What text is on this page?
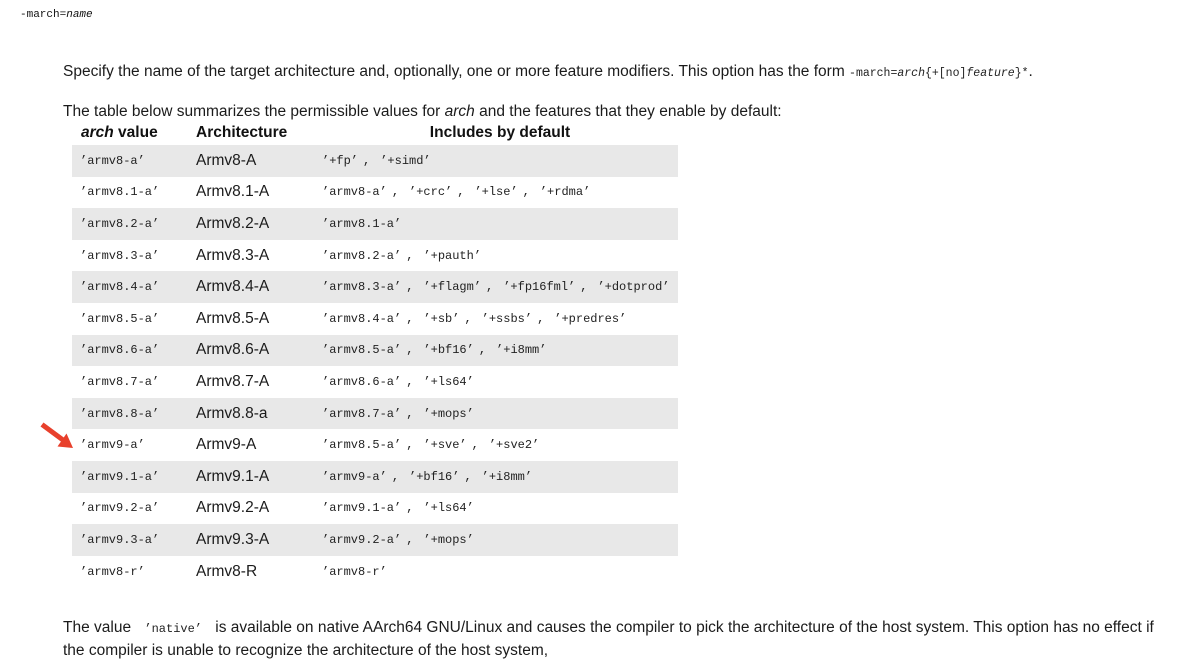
-march=name

Specify the name of the target architecture and, optionally, one or more feature modifiers. This option has the form -march=arch{+[no]feature}*.

The table below summarizes the permissible values for arch and the features that they enable by default:

arch value	Architecture	Includes by default
’armv8-a’	Armv8-A	’+fp’ , ’+simd’
’armv8.1-a’	Armv8.1-A	’armv8-a’ , ’+crc’ , ’+lse’ , ’+rdma’
’armv8.2-a’	Armv8.2-A	’armv8.1-a’
’armv8.3-a’	Armv8.3-A	’armv8.2-a’ , ’+pauth’
’armv8.4-a’	Armv8.4-A	’armv8.3-a’ , ’+flagm’ , ’+fp16fml’ , ’+dotprod’
’armv8.5-a’	Armv8.5-A	’armv8.4-a’ , ’+sb’ , ’+ssbs’ , ’+predres’
’armv8.6-a’	Armv8.6-A	’armv8.5-a’ , ’+bf16’ , ’+i8mm’
’armv8.7-a’	Armv8.7-A	’armv8.6-a’ , ’+ls64’
’armv8.8-a’	Armv8.8-a	’armv8.7-a’ , ’+mops’
’armv9-a’	Armv9-A	’armv8.5-a’ , ’+sve’ , ’+sve2’
’armv9.1-a’	Armv9.1-A	’armv9-a’ , ’+bf16’ , ’+i8mm’
’armv9.2-a’	Armv9.2-A	’armv9.1-a’ , ’+ls64’
’armv9.3-a’	Armv9.3-A	’armv9.2-a’ , ’+mops’
’armv8-r’	Armv8-R	’armv8-r’

The value ’native’ is available on native AArch64 GNU/Linux and causes the compiler to pick the architecture of the host system. This option has no effect if the compiler is unable to recognize the architecture of the host system,
